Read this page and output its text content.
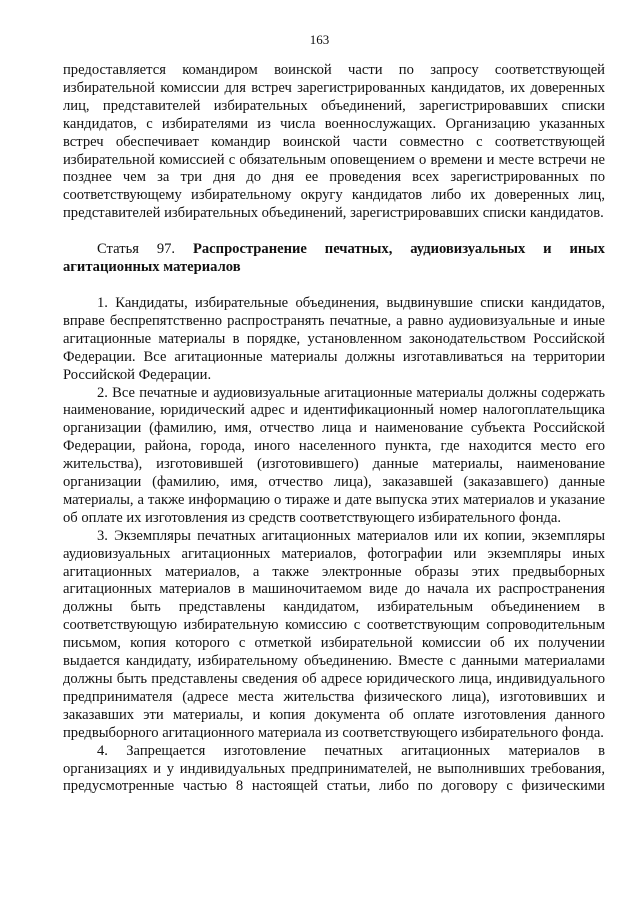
163

предоставляется командиром воинской части по запросу соответствующей избирательной комиссии для встреч зарегистрированных кандидатов, их доверенных лиц, представителей избирательных объединений, зарегистрировавших списки кандидатов, с избирателями из числа военнослужащих. Организацию указанных встреч обеспечивает командир воинской части совместно с соответствующей избирательной комиссией с обязательным оповещением о времени и месте встречи не позднее чем за три дня до дня ее проведения всех зарегистрированных по соответствующему избирательному округу кандидатов либо их доверенных лиц, представителей избирательных объединений, зарегистрировавших списки кандидатов.

Статья 97. Распространение печатных, аудиовизуальных и иных агитационных материалов

1. Кандидаты, избирательные объединения, выдвинувшие списки кандидатов, вправе беспрепятственно распространять печатные, а равно аудиовизуальные и иные агитационные материалы в порядке, установленном законодательством Российской Федерации. Все агитационные материалы должны изготавливаться на территории Российской Федерации.

2. Все печатные и аудиовизуальные агитационные материалы должны содержать наименование, юридический адрес и идентификационный номер налогоплательщика организации (фамилию, имя, отчество лица и наименование субъекта Российской Федерации, района, города, иного населенного пункта, где находится место его жительства), изготовившей (изготовившего) данные материалы, наименование организации (фамилию, имя, отчество лица), заказавшей (заказавшего) данные материалы, а также информацию о тираже и дате выпуска этих материалов и указание об оплате их изготовления из средств соответствующего избирательного фонда.

3. Экземпляры печатных агитационных материалов или их копии, экземпляры аудиовизуальных агитационных материалов, фотографии или экземпляры иных агитационных материалов, а также электронные образы этих предвыборных агитационных материалов в машиночитаемом виде до начала их распространения должны быть представлены кандидатом, избирательным объединением в соответствующую избирательную комиссию с соответствующим сопроводительным письмом, копия которого с отметкой избирательной комиссии об их получении выдается кандидату, избирательному объединению. Вместе с данными материалами должны быть представлены сведения об адресе юридического лица, индивидуального предпринимателя (адресе места жительства физического лица), изготовивших и заказавших эти материалы, и копия документа об оплате изготовления данного предвыборного агитационного материала из соответствующего избирательного фонда.

4. Запрещается изготовление печатных агитационных материалов в организациях и у индивидуальных предпринимателей, не выполнивших требования, предусмотренные частью 8 настоящей статьи, либо по договору с физическими
